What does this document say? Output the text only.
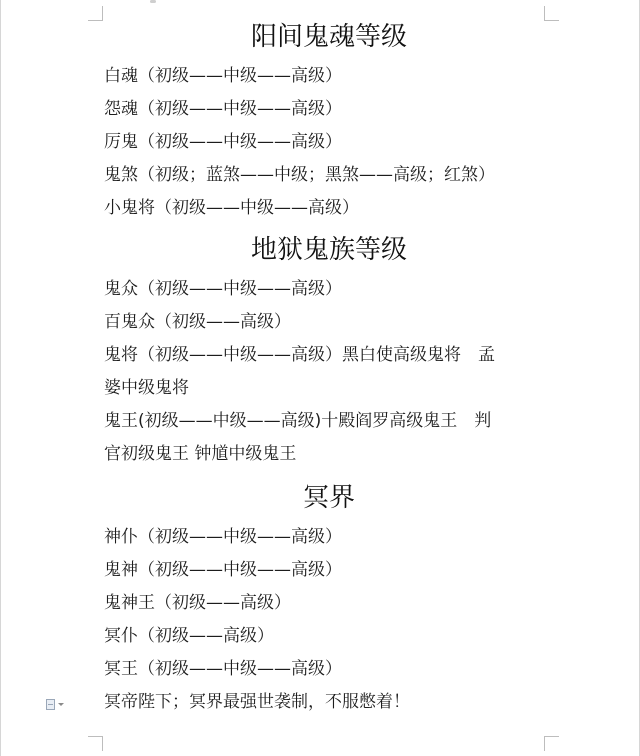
阳间鬼魂等级
白魂（初级——中级——高级）
怨魂（初级——中级——高级）
厉鬼（初级——中级——高级）
鬼煞（初级；蓝煞——中级；黑煞——高级；红煞）
小鬼将（初级——中级——高级）
地狱鬼族等级
鬼众（初级——中级——高级）
百鬼众（初级——高级）
鬼将（初级——中级——高级）黑白使高级鬼将　孟
婆中级鬼将
鬼王(初级——中级——高级)十殿阎罗高级鬼王　判
官初级鬼王 钟馗中级鬼王
冥界
神仆（初级——中级——高级）
鬼神（初级——中级——高级）
鬼神王（初级——高级）
冥仆（初级——高级）
冥王（初级——中级——高级）
冥帝陛下；冥界最强世袭制，不服憋着！
